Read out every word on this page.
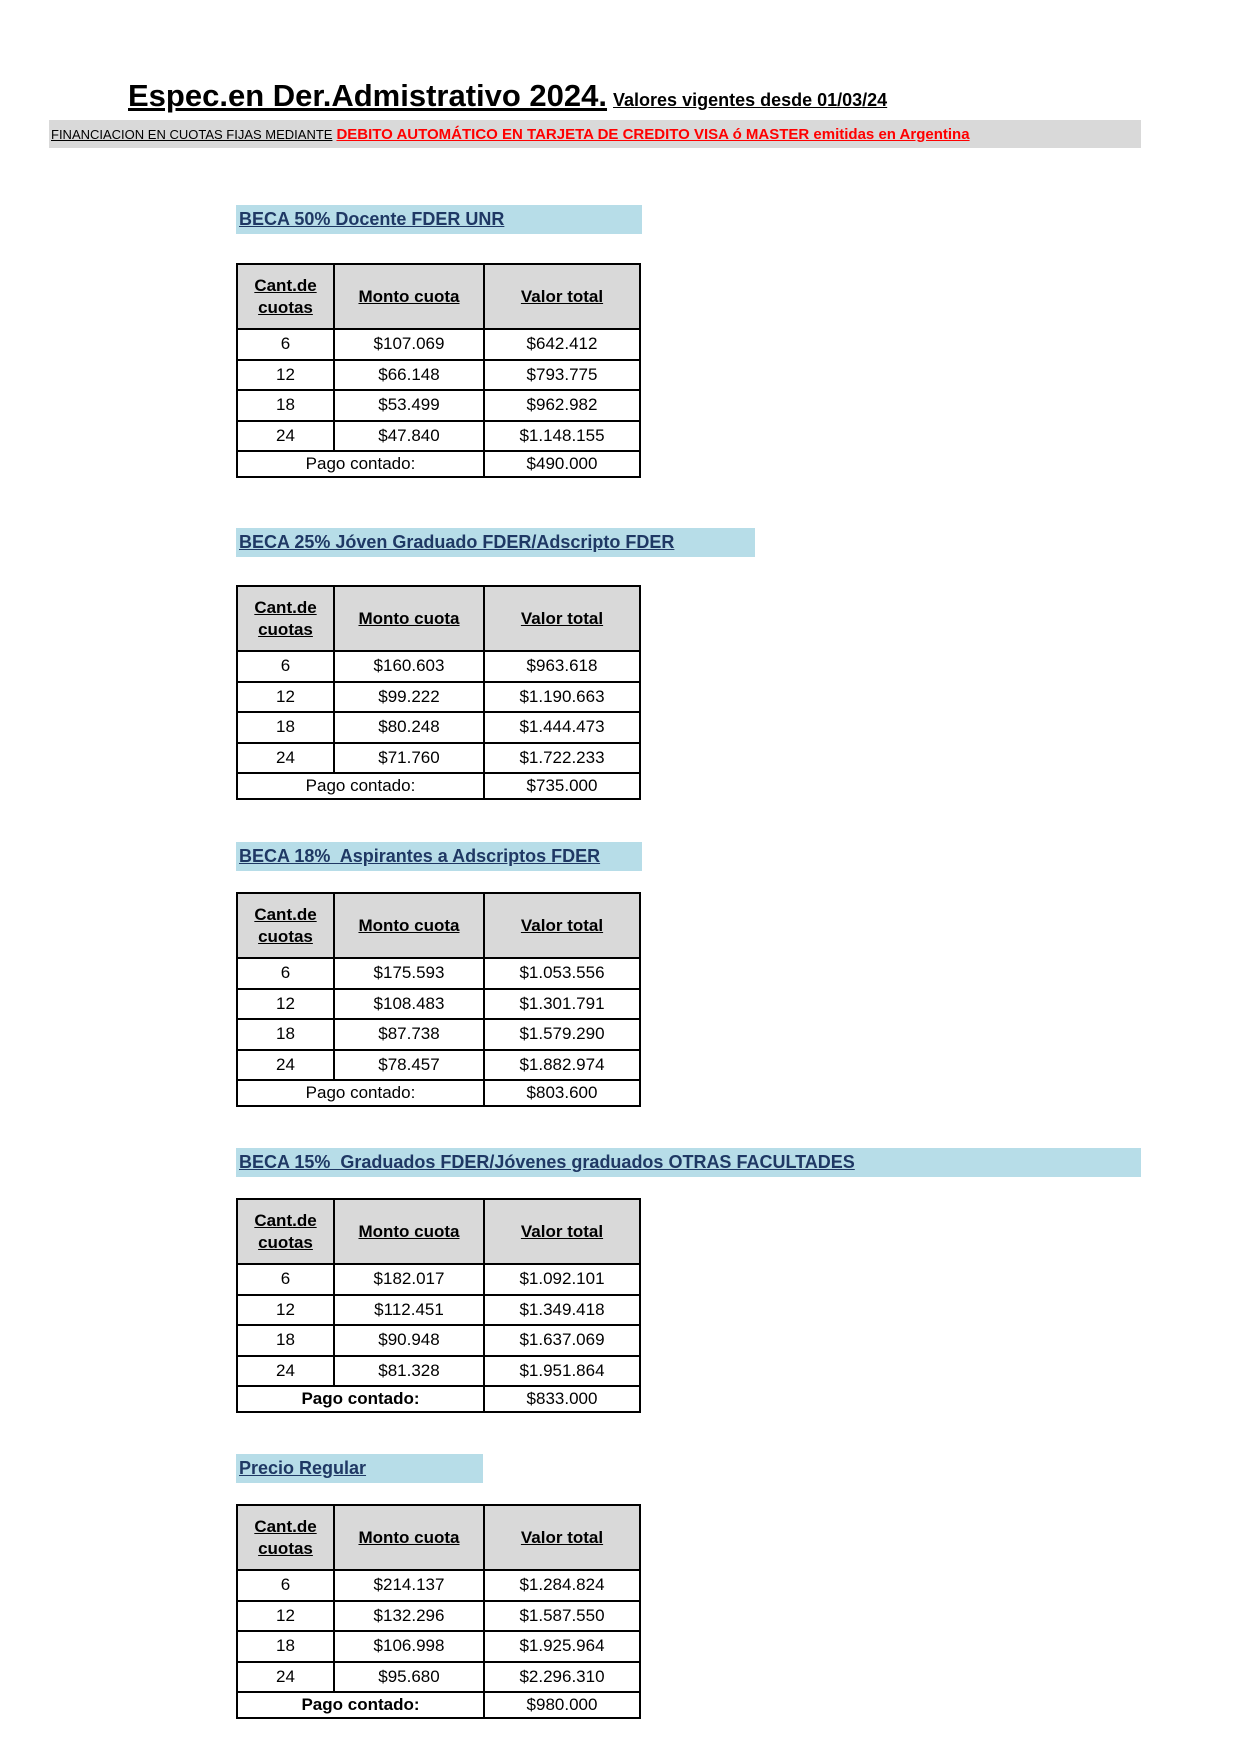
Espec.en Der.Admistrativo 2024. Valores vigentes desde 01/03/24
FINANCIACION EN CUOTAS FIJAS MEDIANTE DEBITO AUTOMÁTICO EN TARJETA DE CREDITO VISA ó MASTER emitidas en Argentina
BECA 50% Docente FDER UNR
Cant.de
cuotas	Monto cuota	Valor total
6	$107.069	$642.412
12	$66.148	$793.775
18	$53.499	$962.982
24	$47.840	$1.148.155
Pago contado:		$490.000
BECA 25% Jóven Graduado FDER/Adscripto FDER
Cant.de
cuotas	Monto cuota	Valor total
6	$160.603	$963.618
12	$99.222	$1.190.663
18	$80.248	$1.444.473
24	$71.760	$1.722.233
Pago contado:		$735.000
BECA 18%  Aspirantes a Adscriptos FDER
Cant.de
cuotas	Monto cuota	Valor total
6	$175.593	$1.053.556
12	$108.483	$1.301.791
18	$87.738	$1.579.290
24	$78.457	$1.882.974
Pago contado:		$803.600
BECA 15%  Graduados FDER/Jóvenes graduados OTRAS FACULTADES
Cant.de
cuotas	Monto cuota	Valor total
6	$182.017	$1.092.101
12	$112.451	$1.349.418
18	$90.948	$1.637.069
24	$81.328	$1.951.864
Pago contado:		$833.000
Precio Regular
Cant.de
cuotas	Monto cuota	Valor total
6	$214.137	$1.284.824
12	$132.296	$1.587.550
18	$106.998	$1.925.964
24	$95.680	$2.296.310
Pago contado:		$980.000
